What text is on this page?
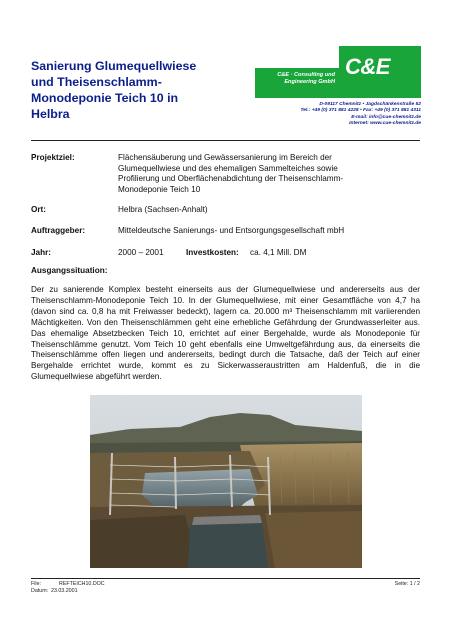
Sanierung Glumequellwiese
und Theisenschlamm-
Monodeponie Teich 10 in
Helbra
C&E
C&E · Consulting und
Engineering GmbH
D-09117 Chemnitz • Jagdschänkenstraße 52
Tel.: +49 (0) 371 881 4228 • Fax: +49 (0) 371 881 4311
E-mail: info@cue-chemnitz.de
Internet: www.cue-chemnitz.de
Projektziel:	Flächensäuberung und Gewässersanierung im Bereich der
Glumequellwiese und des ehemaligen Sammelteiches sowie
Profilierung und Oberflächenabdichtung der Theisenschlamm-
Monodeponie Teich 10
Ort:	Helbra (Sachsen-Anhalt)
Auftraggeber:	Mitteldeutsche Sanierungs- und Entsorgungsgesellschaft mbH
Jahr:	2000 – 2001	Investkosten: ca. 4,1 Mill. DM
Ausgangssituation:
Der zu sanierende Komplex besteht einerseits aus der Glumequellwiese und andererseits aus der Theisenschlamm-Monodeponie Teich 10. In der Glumequellwiese, mit einer Gesamtfläche von 4,7 ha (davon sind ca. 0,8 ha mit Freiwasser bedeckt), lagern ca. 20.000 m³ Theisenschlamm mit variierenden Mächtigkeiten. Von den Theisenschlämmen geht eine erhebliche Gefährdung der Grundwasserleiter aus. Das ehemalige Absetzbecken Teich 10, errichtet auf einer Bergehalde, wurde als Monodeponie für Theisenschlämme genutzt. Vom Teich 10 geht ebenfalls eine Umweltgefährdung aus, da einerseits die Theisenschlämme offen liegen und andererseits, bedingt durch die Tatsache, daß der Teich auf einer Bergehalde errichtet wurde, kommt es zu Sickerwasseraustritten am Haldenfuß, die in die Glumequellwiese abgeführt werden.
File:	REFTEICH10.DOC	Seite: 1 / 2
Datum: 23.03.2001
